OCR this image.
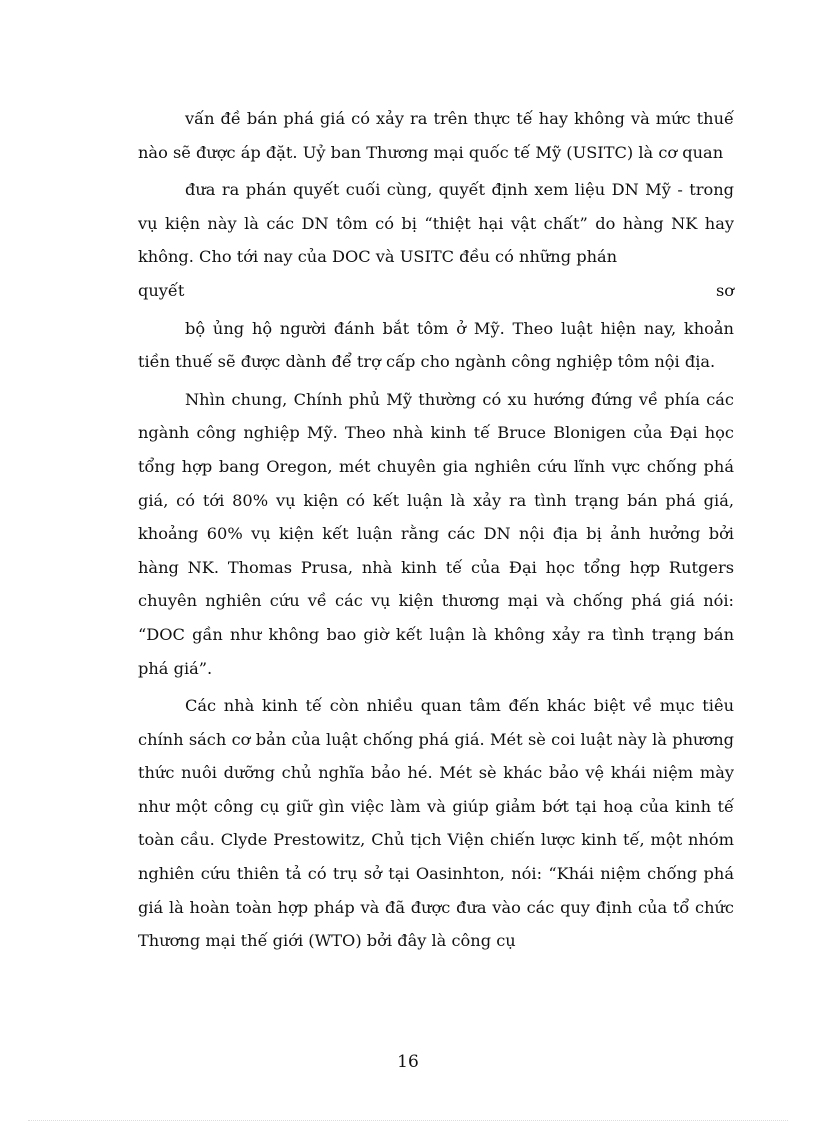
vấn đề bán phá giá có xảy ra trên thực tế hay không và mức thuế nào sẽ được áp đặt. Uỷ ban Thương mại quốc tế Mỹ (USITC) là cơ quan

đưa ra phán quyết cuối cùng, quyết định xem liệu DN Mỹ - trong vụ kiện này là các DN tôm có bị “thiệt hại vật chất” do hàng NK hay không. Cho tới nay của DOC và USITC đều có những phán

quyết	sơ

bộ ủng hộ người đánh bắt tôm ở Mỹ. Theo luật hiện nay, khoản tiền thuế sẽ được dành để trợ cấp cho ngành công nghiệp tôm nội địa.

Nhìn chung, Chính phủ Mỹ thường có xu hướng đứng về phía các ngành công nghiệp Mỹ. Theo nhà kinh tế Bruce Blonigen của Đại học tổng hợp bang Oregon, mét chuyên gia nghiên cứu lĩnh vực chống phá giá, có tới 80% vụ kiện có kết luận là xảy ra tình trạng bán phá giá, khoảng 60% vụ kiện kết luận rằng các DN nội địa bị ảnh hưởng bởi hàng NK. Thomas Prusa, nhà kinh tế của Đại học tổng hợp Rutgers chuyên nghiên cứu về các vụ kiện thương mại và chống phá giá nói: “DOC gần như không bao giờ kết luận là không xảy ra tình trạng bán phá giá”.

Các nhà kinh tế còn nhiều quan tâm đến khác biệt về mục tiêu chính sách cơ bản của luật chống phá giá. Mét sè coi luật này là phương thức nuôi dưỡng chủ nghĩa bảo hé. Mét sè khác bảo vệ khái niệm mày như một công cụ giữ gìn việc làm và giúp giảm bớt tại hoạ của kinh tế toàn cầu. Clyde Prestowitz, Chủ tịch Viện chiến lược kinh tế, một nhóm nghiên cứu thiên tả có trụ sở tại Oasinhton, nói: “Khái niệm chống phá giá là hoàn toàn hợp pháp và đã được đưa vào các quy định của tổ chức Thương mại thế giới (WTO) bởi đây là công cụ

16
